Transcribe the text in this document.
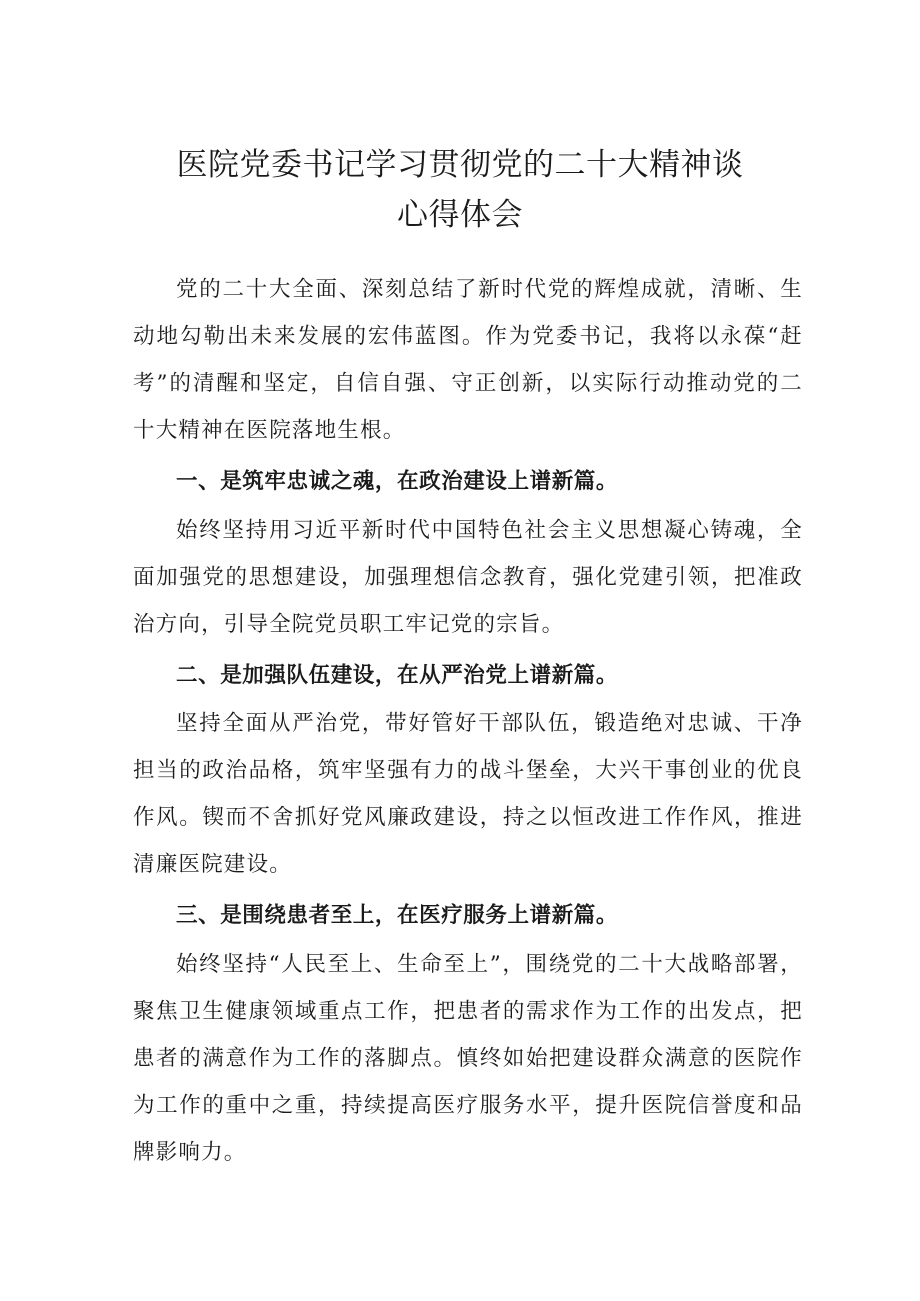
医院党委书记学习贯彻党的二十大精神谈
心得体会

党的二十大全面、深刻总结了新时代党的辉煌成就，清晰、生动地勾勒出未来发展的宏伟蓝图。作为党委书记，我将以永葆“赶考”的清醒和坚定，自信自强、守正创新，以实际行动推动党的二十大精神在医院落地生根。

一、是筑牢忠诚之魂，在政治建设上谱新篇。

始终坚持用习近平新时代中国特色社会主义思想凝心铸魂，全面加强党的思想建设，加强理想信念教育，强化党建引领，把准政治方向，引导全院党员职工牢记党的宗旨。

二、是加强队伍建设，在从严治党上谱新篇。

坚持全面从严治党，带好管好干部队伍，锻造绝对忠诚、干净担当的政治品格，筑牢坚强有力的战斗堡垒，大兴干事创业的优良作风。锲而不舍抓好党风廉政建设，持之以恒改进工作作风，推进清廉医院建设。

三、是围绕患者至上，在医疗服务上谱新篇。

始终坚持“人民至上、生命至上”，围绕党的二十大战略部署，聚焦卫生健康领域重点工作，把患者的需求作为工作的出发点，把患者的满意作为工作的落脚点。慎终如始把建设群众满意的医院作为工作的重中之重，持续提高医疗服务水平，提升医院信誉度和品牌影响力。
